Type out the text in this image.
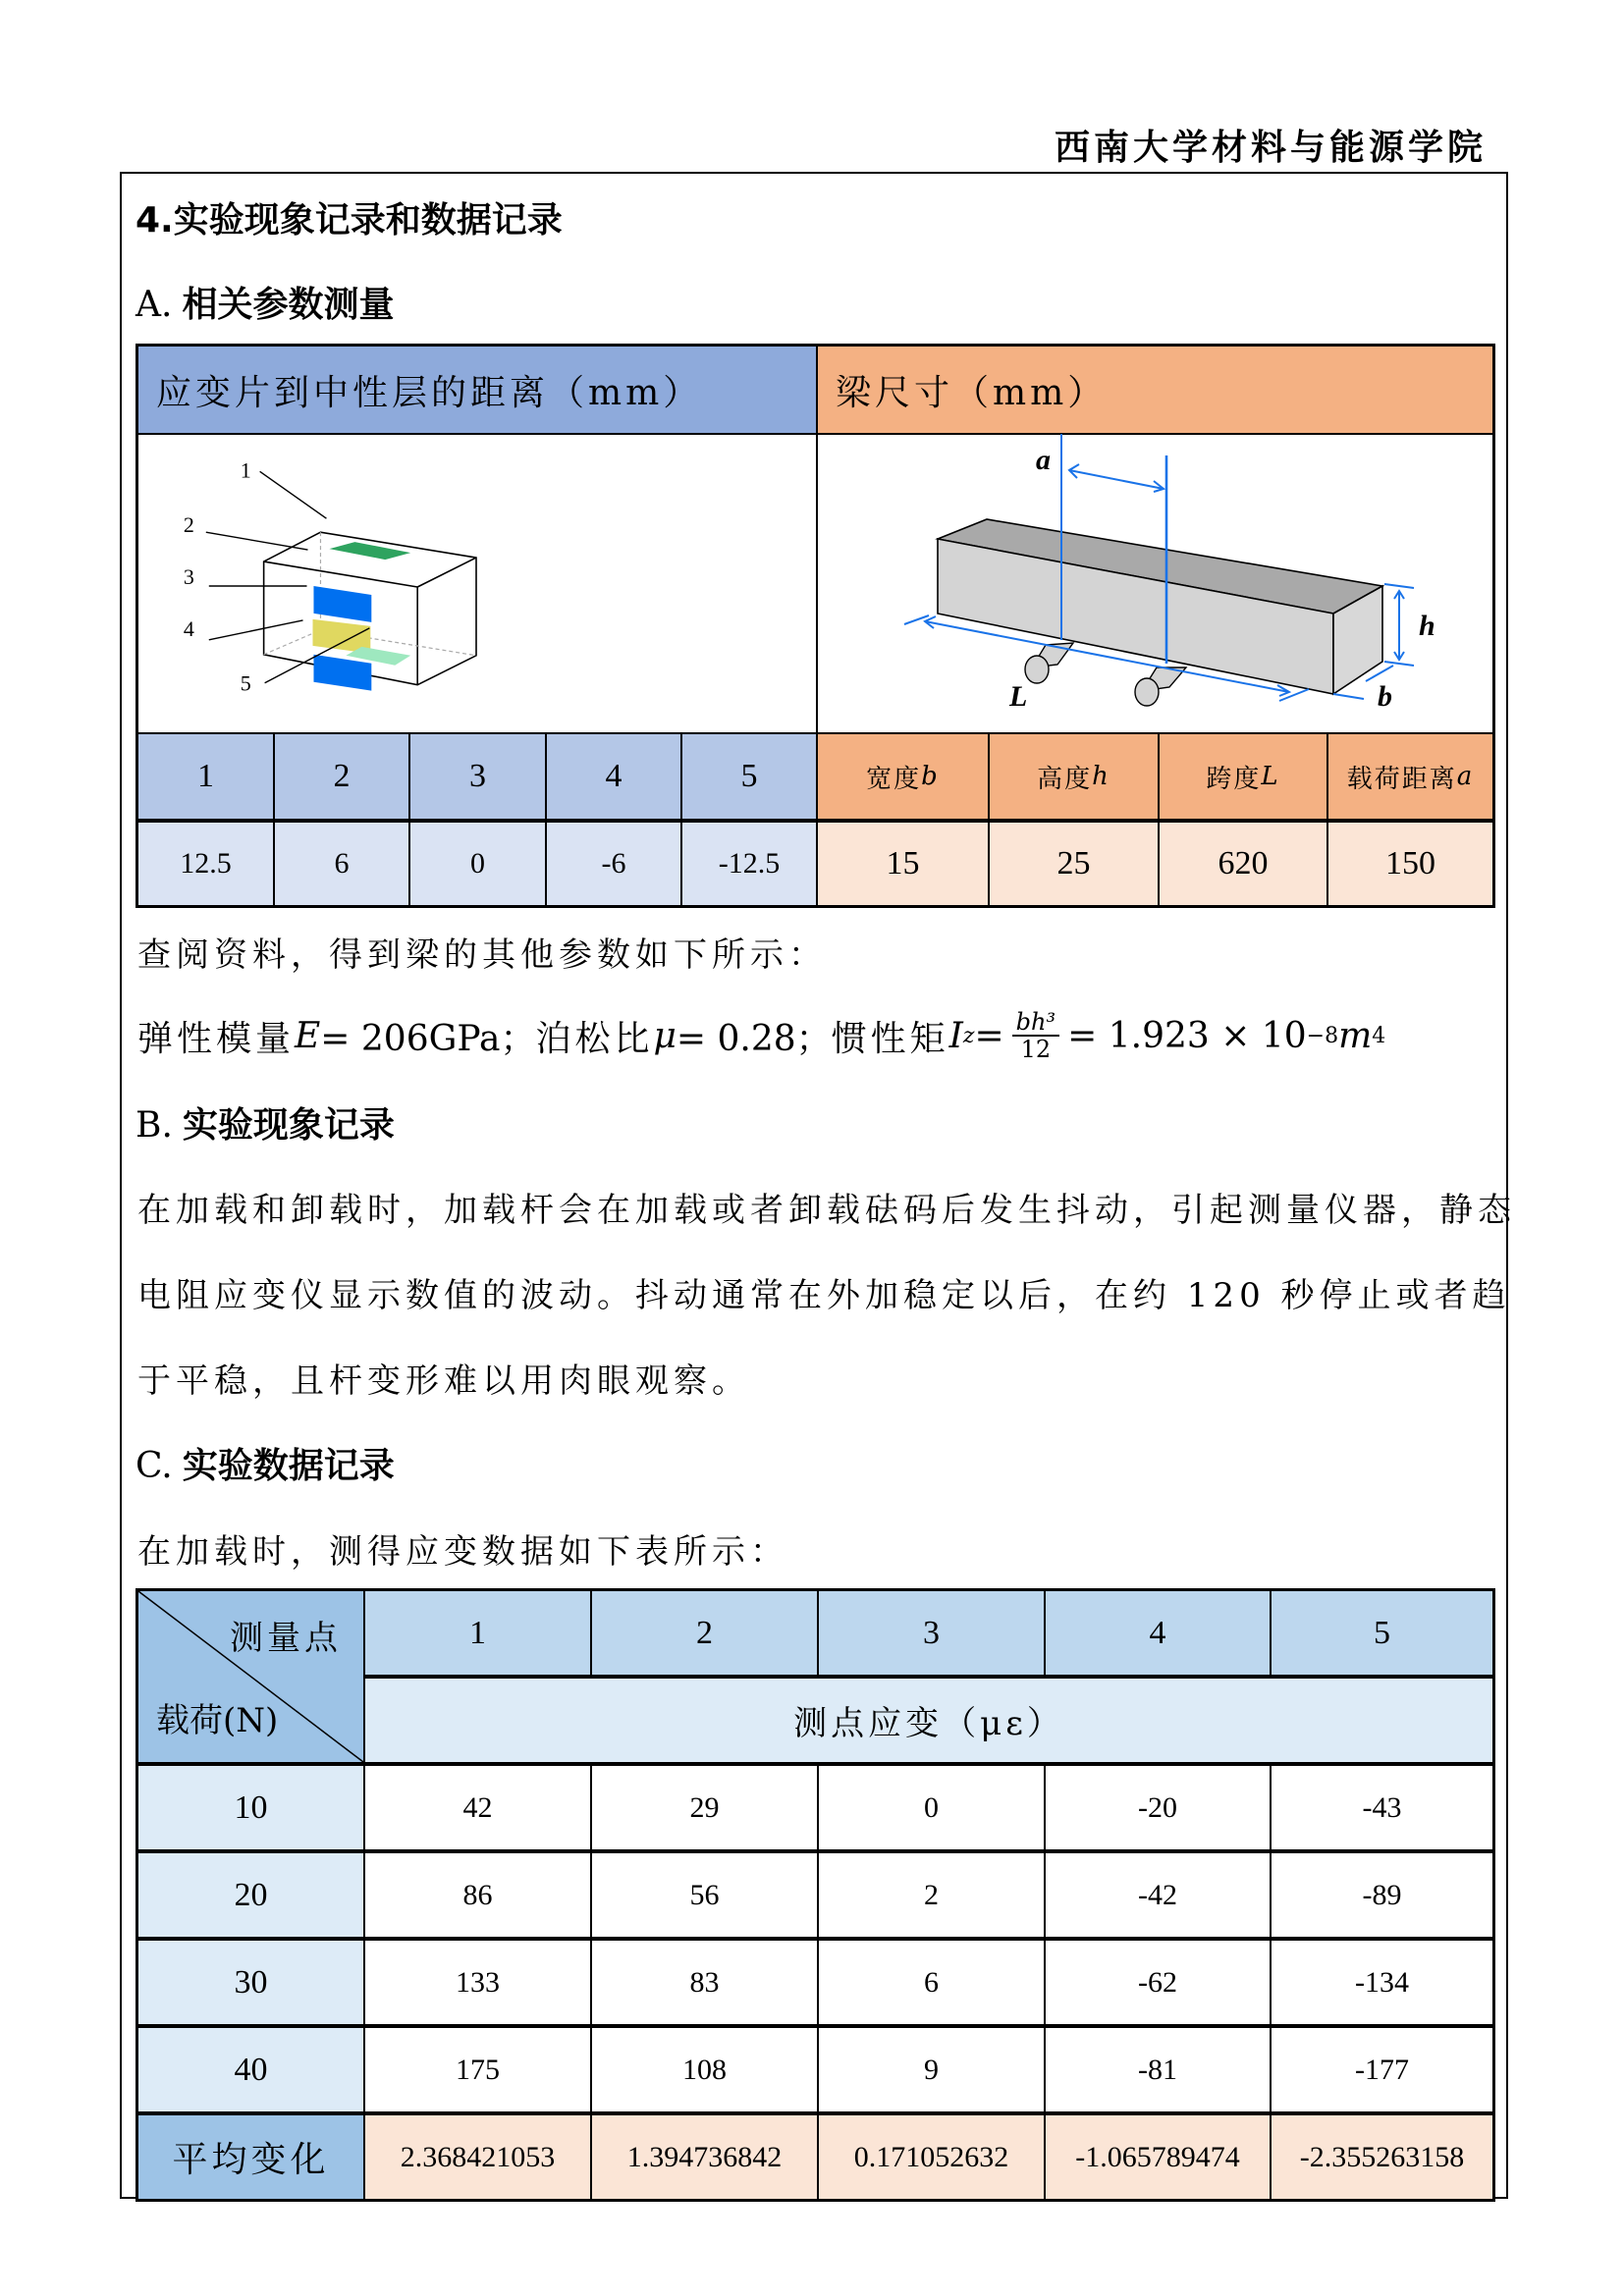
西南大学材料与能源学院
4.实验现象记录和数据记录
A. 相关参数测量
应变片到中性层的距离（mm）	梁尺寸（mm）
1
2
3
4
5
a
L
h
b
1	2	3	4	5	宽度 b	高度 h	跨度 L	载荷距离 a
12.5	6	0	-6	-12.5	15	25	620	150
查阅资料，得到梁的其他参数如下所示：
弹性模量 E = 206GPa； 泊松比 μ = 0.28； 惯性矩 I $z = \frac{\text{bh³}}{12} = 1.923 \times 10 -8$ m 4
B. 实验现象记录
在加载和卸载时，加载杆会在加载或者卸载砝码后发生抖动，引起测量仪器，静态
电阻应变仪显示数值的波动。抖动通常在外加稳定以后，在约 120 秒停止或者趋
于平稳，且杆变形难以用肉眼观察。
C. 实验数据记录
在加载时，测得应变数据如下表所示：
测量点
载荷(N)
1	2	3	4	5
测点应变（με）
10	42	29	0	-20	-43
20	86	56	2	-42	-89
30	133	83	6	-62	-134
40	175	108	9	-81	-177
平均变化	2.368421053	1.394736842	0.171052632	-1.065789474	-2.355263158
